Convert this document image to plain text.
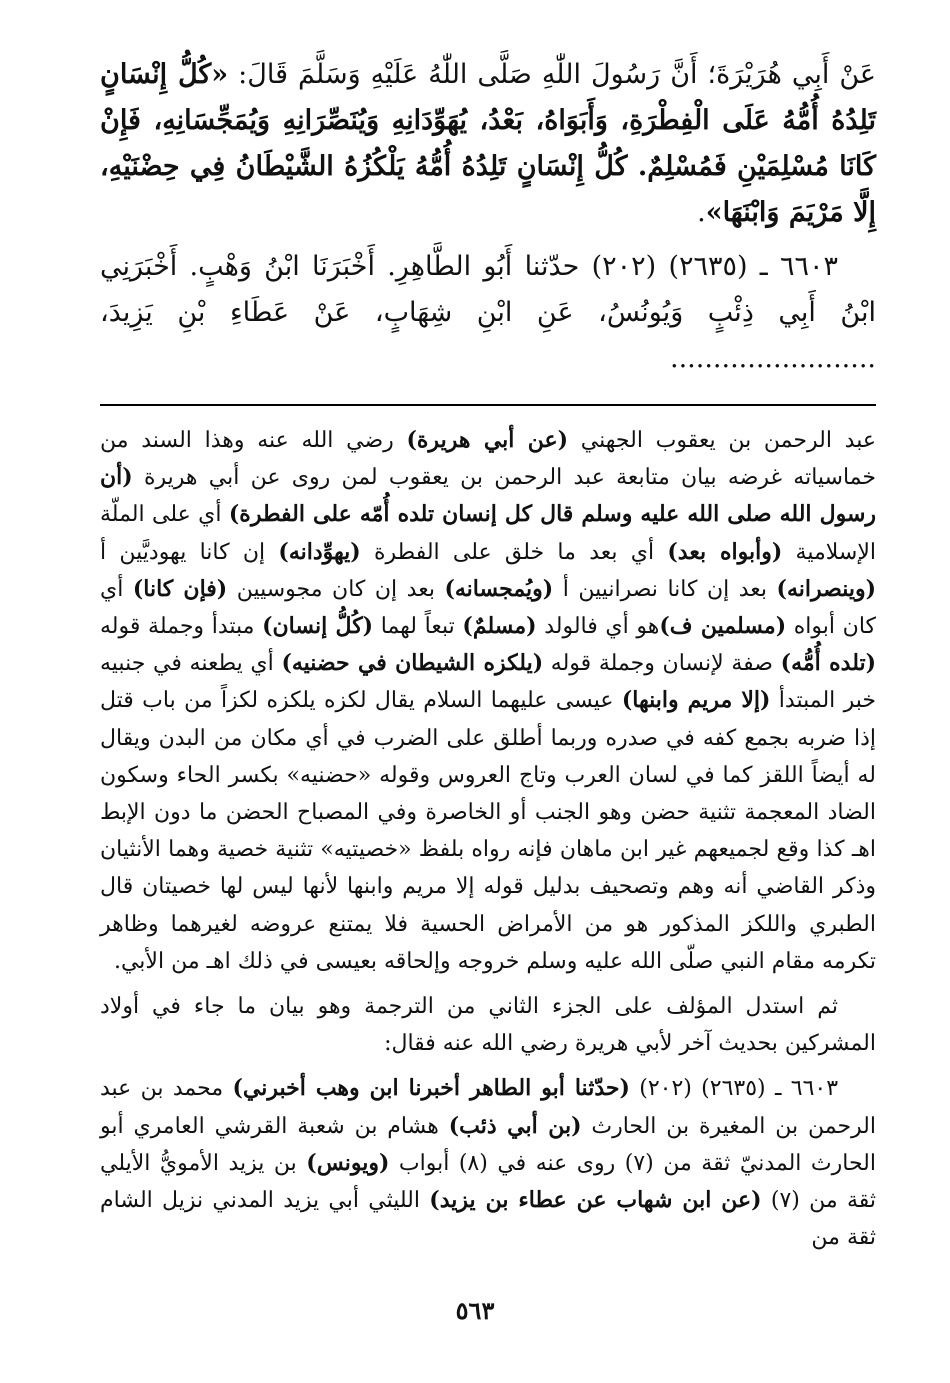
عَنْ أَبِي هُرَيْرَةَ؛ أَنَّ رَسُولَ اللّٰهِ صَلَّى اللّٰهُ عَلَيْهِ وَسَلَّمَ قَالَ: «كُلُّ إِنْسَانٍ تَلِدُهُ أُمُّهُ عَلَى الْفِطْرَةِ، وَأَبَوَاهُ، بَعْدُ، يُهَوِّدَانِهِ وَيُنَصِّرَانِهِ وَيُمَجِّسَانِهِ، فَإِنْ كَانَا مُسْلِمَيْنِ فَمُسْلِمٌ. كُلُّ إِنْسَانٍ تَلِدُهُ أُمُّهُ يَلْكُزُهُ الشَّيْطَانُ فِي حِضْنَيْهِ، إِلَّا مَرْيَمَ وَابْنَهَا».

٦٦٠٣ ـ (٢٦٣٥) (٢٠٢) حدّثنا أَبُو الطَّاهِرِ. أَخْبَرَنَا ابْنُ وَهْبٍ. أَخْبَرَنِي ابْنُ أَبِي ذِئْبٍ وَيُونُسُ، عَنِ ابْنِ شِهَابٍ، عَنْ عَطَاءِ بْنِ يَزِيدَ، ........................

عبد الرحمن بن يعقوب الجهني (عن أبي هريرة) رضي الله عنه وهذا السند من خماسياته غرضه بيان متابعة عبد الرحمن بن يعقوب لمن روى عن أبي هريرة (أن رسول الله صلى الله عليه وسلم قال كل إنسان تلده أُمّه على الفطرة) أي على الملّة الإسلامية (وأبواه بعد) أي بعد ما خلق على الفطرة (يهوِّدانه) إن كانا يهوديَّين أ (وينصرانه) بعد إن كانا نصرانيين أ (ويُمجسانه) بعد إن كان مجوسيين (فإن كانا) أي كان أبواه (مسلمين ف)هو أي فالولد (مسلمٌ) تبعاً لهما (كُلُّ إنسان) مبتدأ وجملة قوله (تلده أُمُّه) صفة لإنسان وجملة قوله (يلكزه الشيطان في حضنيه) أي يطعنه في جنبيه خبر المبتدأ (إلا مريم وابنها) عيسى عليهما السلام يقال لكزه يلكزه لكزاً من باب قتل إذا ضربه بجمع كفه في صدره وربما أطلق على الضرب في أي مكان من البدن ويقال له أيضاً اللقز كما في لسان العرب وتاج العروس وقوله «حضنيه» بكسر الحاء وسكون الضاد المعجمة تثنية حضن وهو الجنب أو الخاصرة وفي المصباح الحضن ما دون الإبط اهـ كذا وقع لجميعهم غير ابن ماهان فإنه رواه بلفظ «خصيتيه» تثنية خصية وهما الأنثيان وذكر القاضي أنه وهم وتصحيف بدليل قوله إلا مريم وابنها لأنها ليس لها خصيتان قال الطبري واللكز المذكور هو من الأمراض الحسية فلا يمتنع عروضه لغيرهما وظاهر تكرمه مقام النبي صلّى الله عليه وسلم خروجه وإلحاقه بعيسى في ذلك اهـ من الأبي.

ثم استدل المؤلف على الجزء الثاني من الترجمة وهو بيان ما جاء في أولاد المشركين بحديث آخر لأبي هريرة رضي الله عنه فقال:

٦٦٠٣ ـ (٢٦٣٥) (٢٠٢) (حدّثنا أبو الطاهر أخبرنا ابن وهب أخبرني) محمد بن عبد الرحمن بن المغيرة بن الحارث (بن أبي ذئب) هشام بن شعبة القرشي العامري أبو الحارث المدنيّ ثقة من (٧) روى عنه في (٨) أبواب (ويونس) بن يزيد الأمويُّ الأيلي ثقة من (٧) (عن ابن شهاب عن عطاء بن يزيد) الليثي أبي يزيد المدني نزيل الشام ثقة من

٥٦٣
